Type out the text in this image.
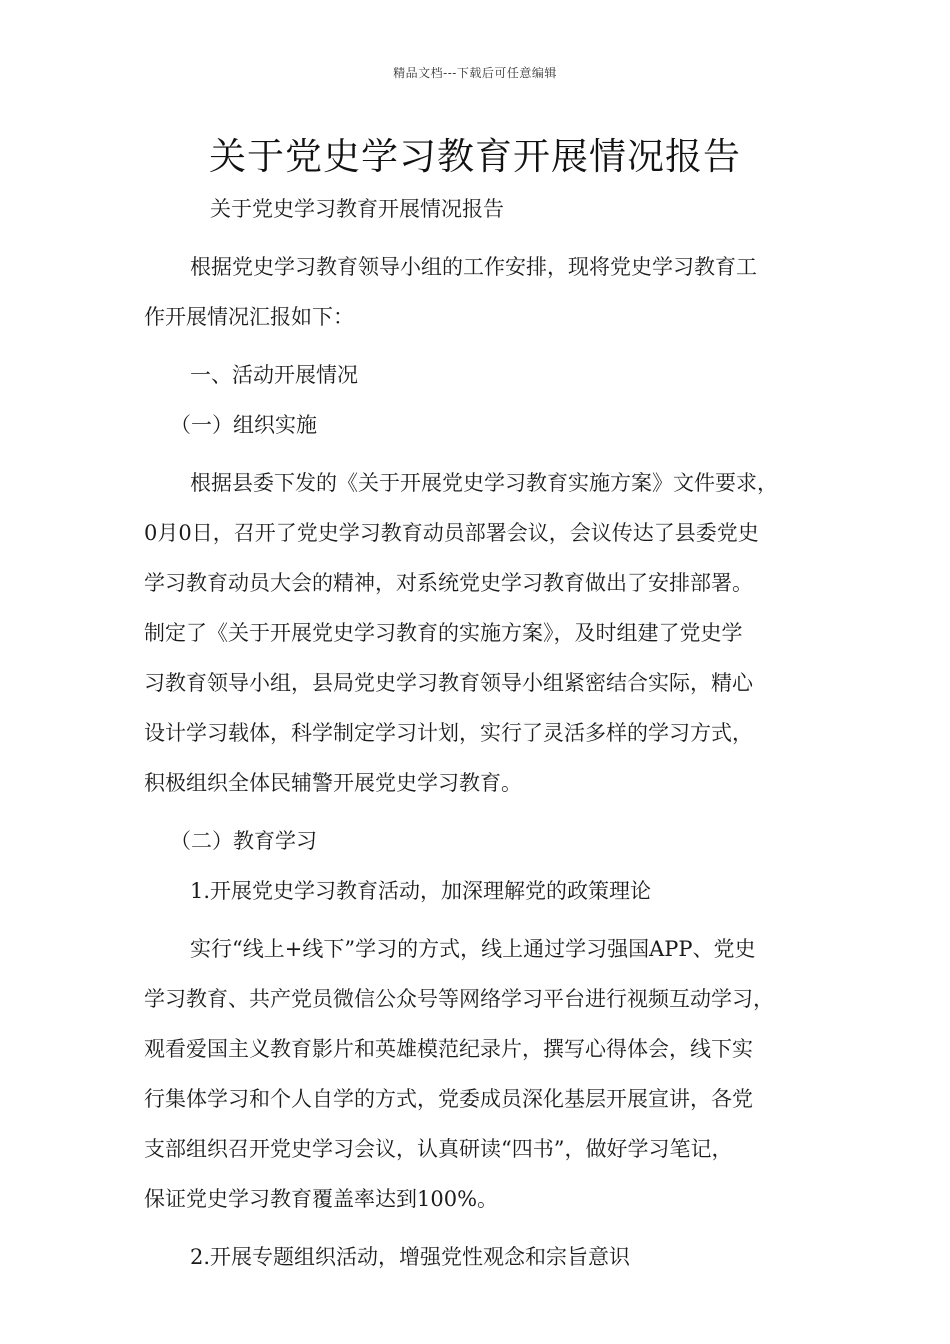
精品文档---下载后可任意编辑
关于党史学习教育开展情况报告
关于党史学习教育开展情况报告
根据党史学习教育领导小组的工作安排，现将党史学习教育工
作开展情况汇报如下：
一、活动开展情况
（一）组织实施
根据县委下发的《关于开展党史学习教育实施方案》文件要求，
0月0日，召开了党史学习教育动员部署会议，会议传达了县委党史
学习教育动员大会的精神，对系统党史学习教育做出了安排部署。
制定了《关于开展党史学习教育的实施方案》，及时组建了党史学
习教育领导小组，县局党史学习教育领导小组紧密结合实际，精心
设计学习载体，科学制定学习计划，实行了灵活多样的学习方式，
积极组织全体民辅警开展党史学习教育。
（二）教育学习
1.开展党史学习教育活动，加深理解党的政策理论
实行“线上+线下”学习的方式，线上通过学习强国APP、党史
学习教育、共产党员微信公众号等网络学习平台进行视频互动学习，
观看爱国主义教育影片和英雄模范纪录片，撰写心得体会，线下实
行集体学习和个人自学的方式，党委成员深化基层开展宣讲，各党
支部组织召开党史学习会议，认真研读“四书”，做好学习笔记，
保证党史学习教育覆盖率达到100%。
2.开展专题组织活动，增强党性观念和宗旨意识
